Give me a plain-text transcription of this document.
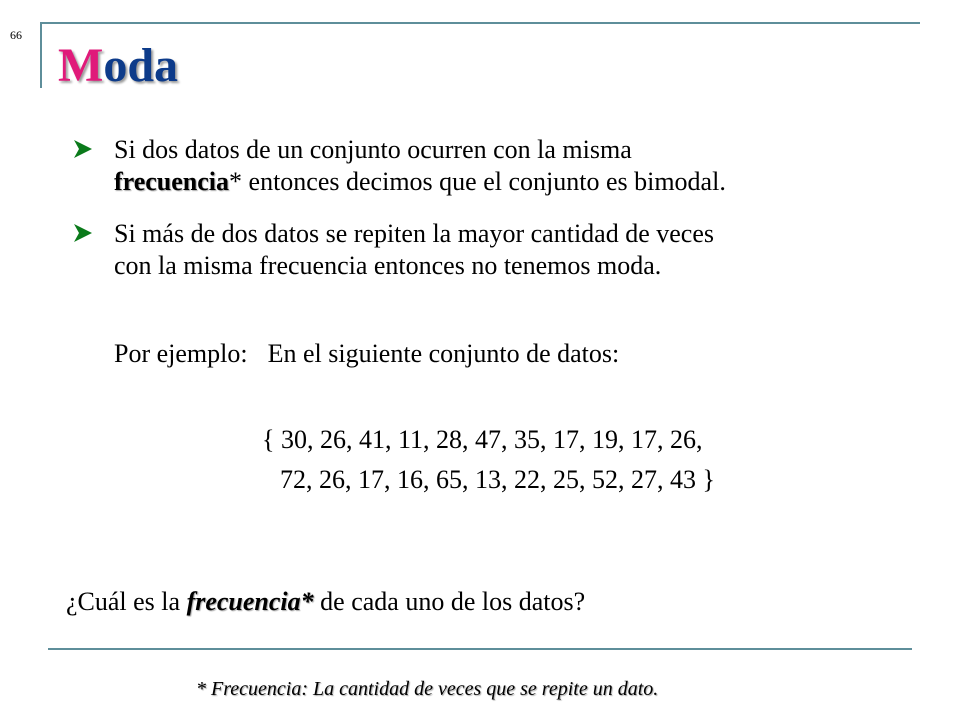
66
Moda
Si dos datos de un conjunto ocurren con la misma
frecuencia* entonces decimos que el conjunto es bimodal.
Si más de dos datos se repiten la mayor cantidad de veces
con la misma frecuencia entonces no tenemos moda.
Por ejemplo: En el siguiente conjunto de datos:
{ 30, 26, 41, 11, 28, 47, 35, 17, 19, 17, 26,
72, 26, 17, 16, 65, 13, 22, 25, 52, 27, 43 }
¿Cuál es la frecuencia* de cada uno de los datos?
* Frecuencia: La cantidad de veces que se repite un dato.
